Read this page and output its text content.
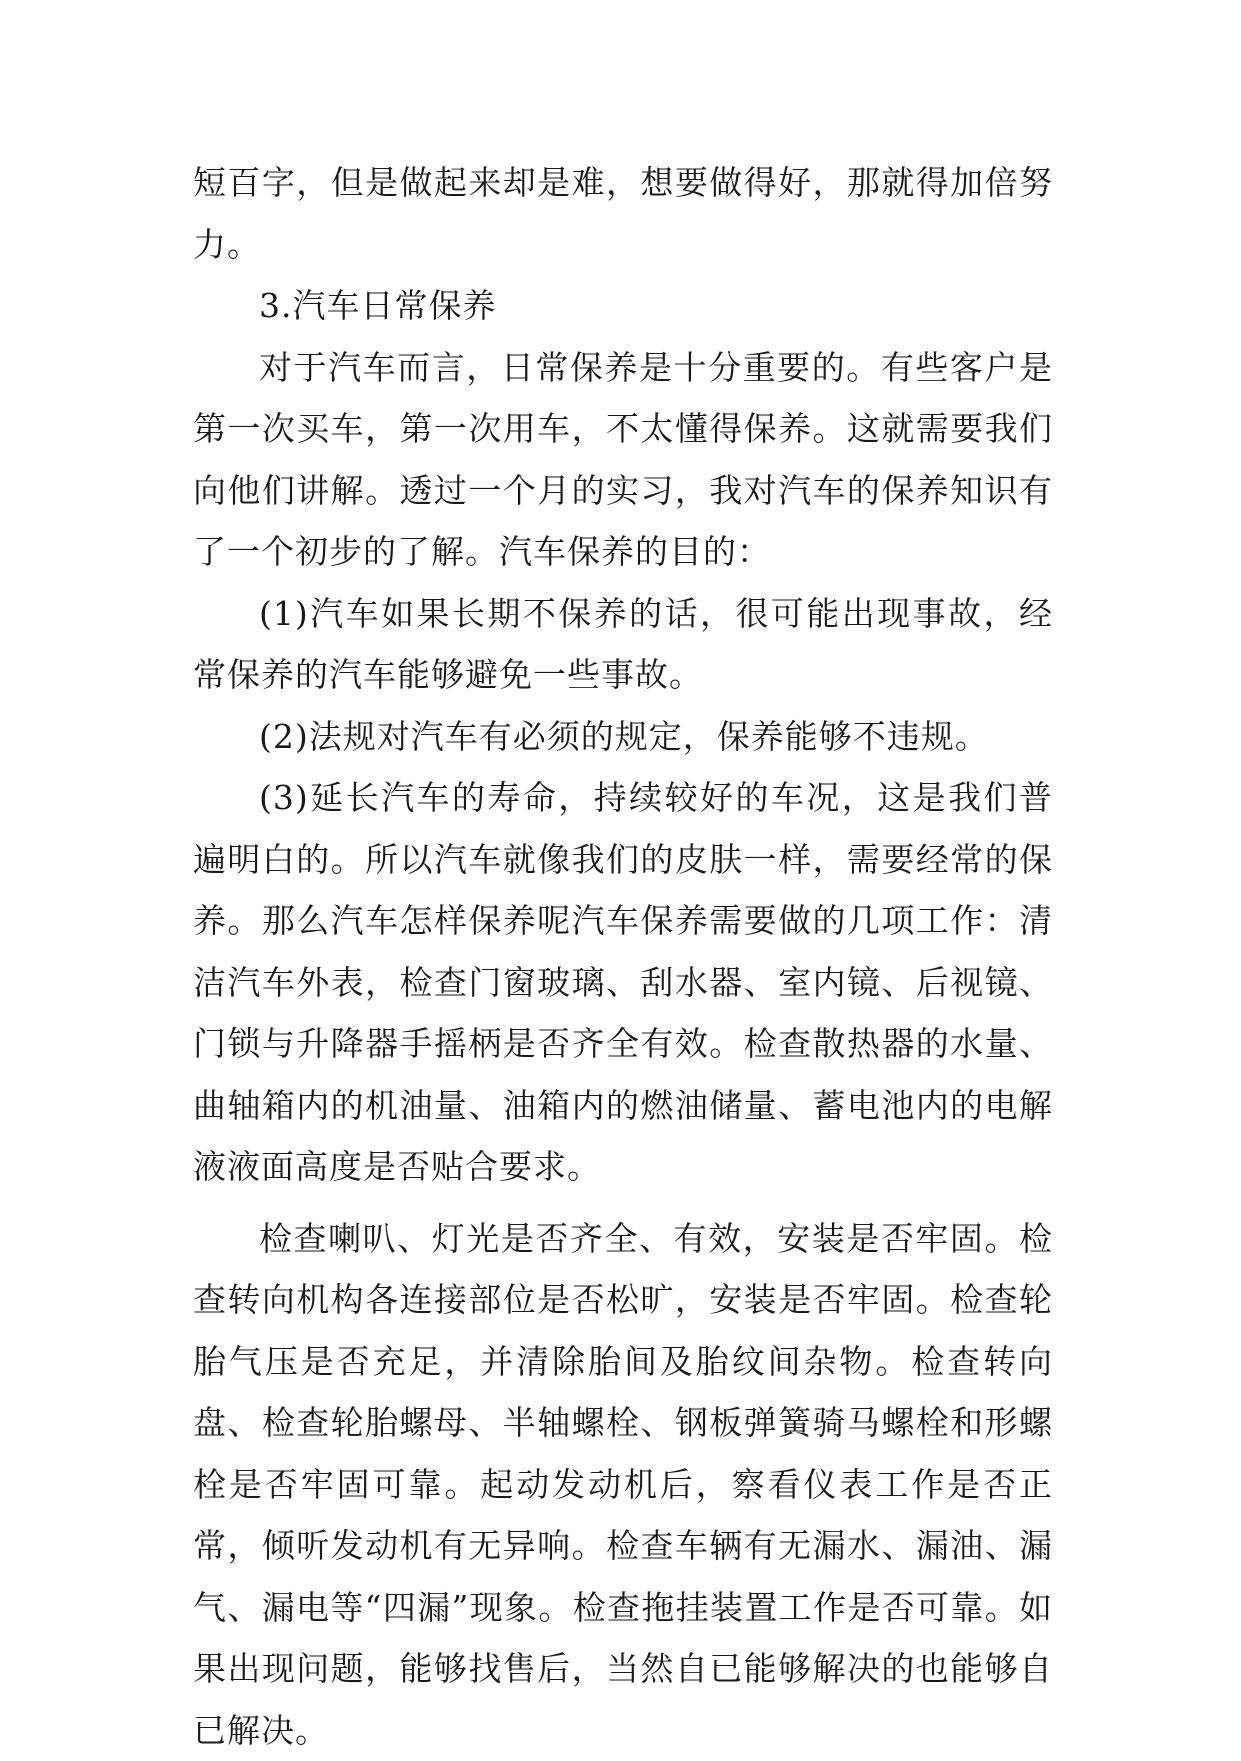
短百字，但是做起来却是难，想要做得好，那就得加倍努力。

3.汽车日常保养

对于汽车而言，日常保养是十分重要的。有些客户是第一次买车，第一次用车，不太懂得保养。这就需要我们向他们讲解。透过一个月的实习，我对汽车的保养知识有了一个初步的了解。汽车保养的目的：

(1)汽车如果长期不保养的话，很可能出现事故，经常保养的汽车能够避免一些事故。

(2)法规对汽车有必须的规定，保养能够不违规。

(3)延长汽车的寿命，持续较好的车况，这是我们普遍明白的。所以汽车就像我们的皮肤一样，需要经常的保养。那么汽车怎样保养呢汽车保养需要做的几项工作：清洁汽车外表，检查门窗玻璃、刮水器、室内镜、后视镜、门锁与升降器手摇柄是否齐全有效。检查散热器的水量、曲轴箱内的机油量、油箱内的燃油储量、蓄电池内的电解液液面高度是否贴合要求。

检查喇叭、灯光是否齐全、有效，安装是否牢固。检查转向机构各连接部位是否松旷，安装是否牢固。检查轮胎气压是否充足，并清除胎间及胎纹间杂物。检查转向盘、检查轮胎螺母、半轴螺栓、钢板弹簧骑马螺栓和形螺栓是否牢固可靠。起动发动机后，察看仪表工作是否正常，倾听发动机有无异响。检查车辆有无漏水、漏油、漏气、漏电等“四漏”现象。检查拖挂装置工作是否可靠。如果出现问题，能够找售后，当然自已能够解决的也能够自已解决。
